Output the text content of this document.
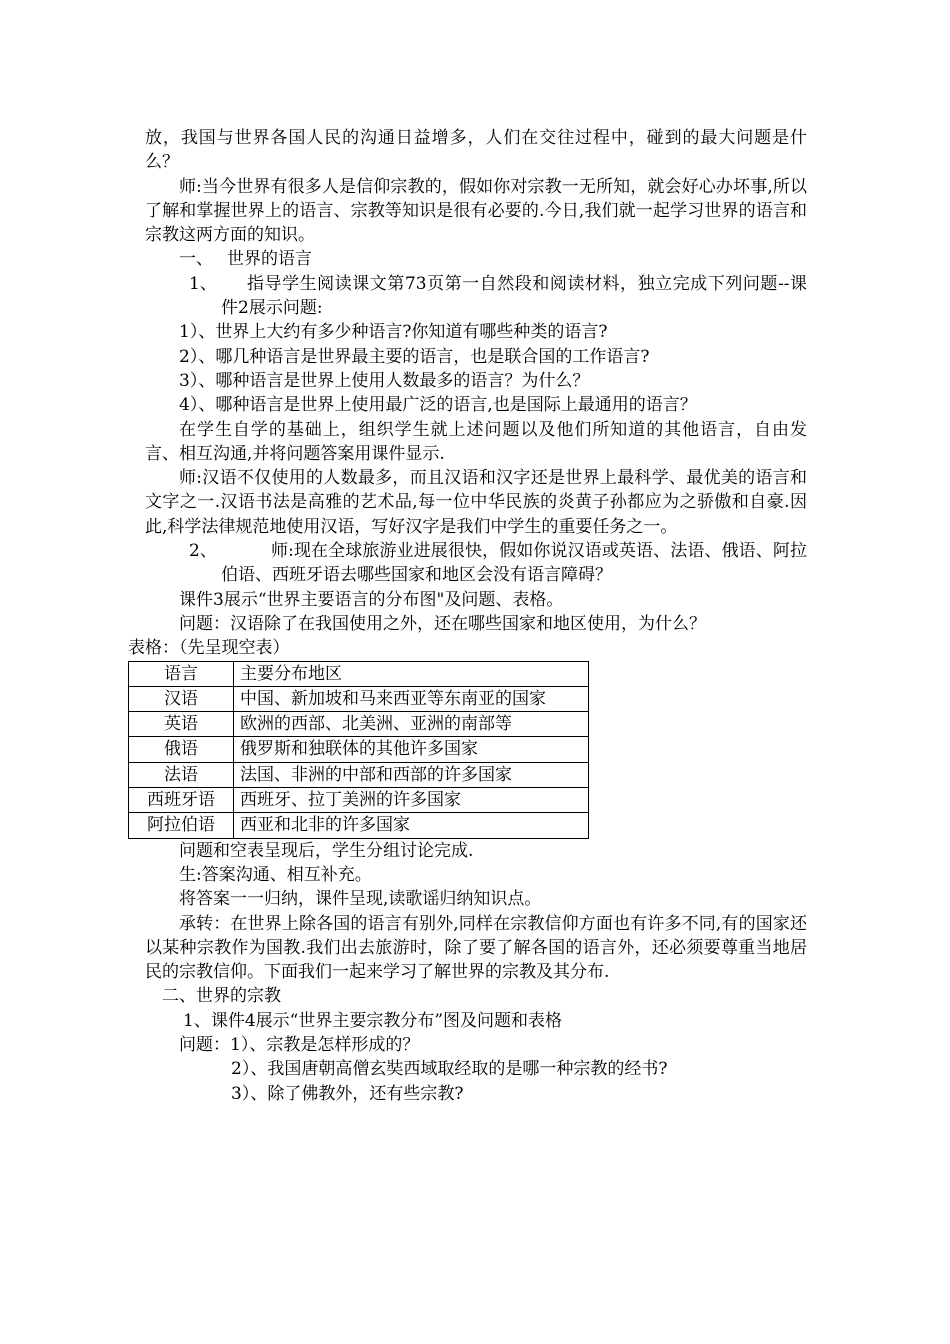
放，我国与世界各国人民的沟通日益增多，人们在交往过程中，碰到的最大问题是什么？

师:当今世界有很多人是信仰宗教的，假如你对宗教一无所知，就会好心办坏事,所以了解和掌握世界上的语言、宗教等知识是很有必要的.今日,我们就一起学习世界的语言和宗教这两方面的知识。

一、 世界的语言

1、 指导学生阅读课文第73页第一自然段和阅读材料，独立完成下列问题--课件2展示问题:

1）、世界上大约有多少种语言?你知道有哪些种类的语言?

2）、哪几种语言是世界最主要的语言，也是联合国的工作语言?

3）、哪种语言是世界上使用人数最多的语言？为什么？

4）、哪种语言是世界上使用最广泛的语言,也是国际上最通用的语言？

在学生自学的基础上，组织学生就上述问题以及他们所知道的其他语言，自由发言、相互沟通,并将问题答案用课件显示.

师:汉语不仅使用的人数最多，而且汉语和汉字还是世界上最科学、最优美的语言和文字之一.汉语书法是高雅的艺术品,每一位中华民族的炎黄子孙都应为之骄傲和自豪.因此,科学法律规范地使用汉语，写好汉字是我们中学生的重要任务之一。

2、	师:现在全球旅游业进展很快，假如你说汉语或英语、法语、俄语、阿拉伯语、西班牙语去哪些国家和地区会没有语言障碍？

课件3展示“世界主要语言的分布图"及问题、表格。

问题：汉语除了在我国使用之外，还在哪些国家和地区使用，为什么？

表格：（先呈现空表）

语言	主要分布地区
汉语	中国、新加坡和马来西亚等东南亚的国家
英语	欧洲的西部、北美洲、亚洲的南部等
俄语	俄罗斯和独联体的其他许多国家
法语	法国、非洲的中部和西部的许多国家
西班牙语	西班牙、拉丁美洲的许多国家
阿拉伯语	西亚和北非的许多国家

问题和空表呈现后，学生分组讨论完成.

生:答案沟通、相互补充。

将答案一一归纳，课件呈现,读歌谣归纳知识点。

承转：在世界上除各国的语言有别外,同样在宗教信仰方面也有许多不同,有的国家还以某种宗教作为国教.我们出去旅游时，除了要了解各国的语言外，还必须要尊重当地居民的宗教信仰。下面我们一起来学习了解世界的宗教及其分布.

二、世界的宗教

1、课件4展示“世界主要宗教分布”图及问题和表格

问题：1）、宗教是怎样形成的？

2）、我国唐朝高僧玄奘西域取经取的是哪一种宗教的经书?

3）、除了佛教外，还有些宗教?
